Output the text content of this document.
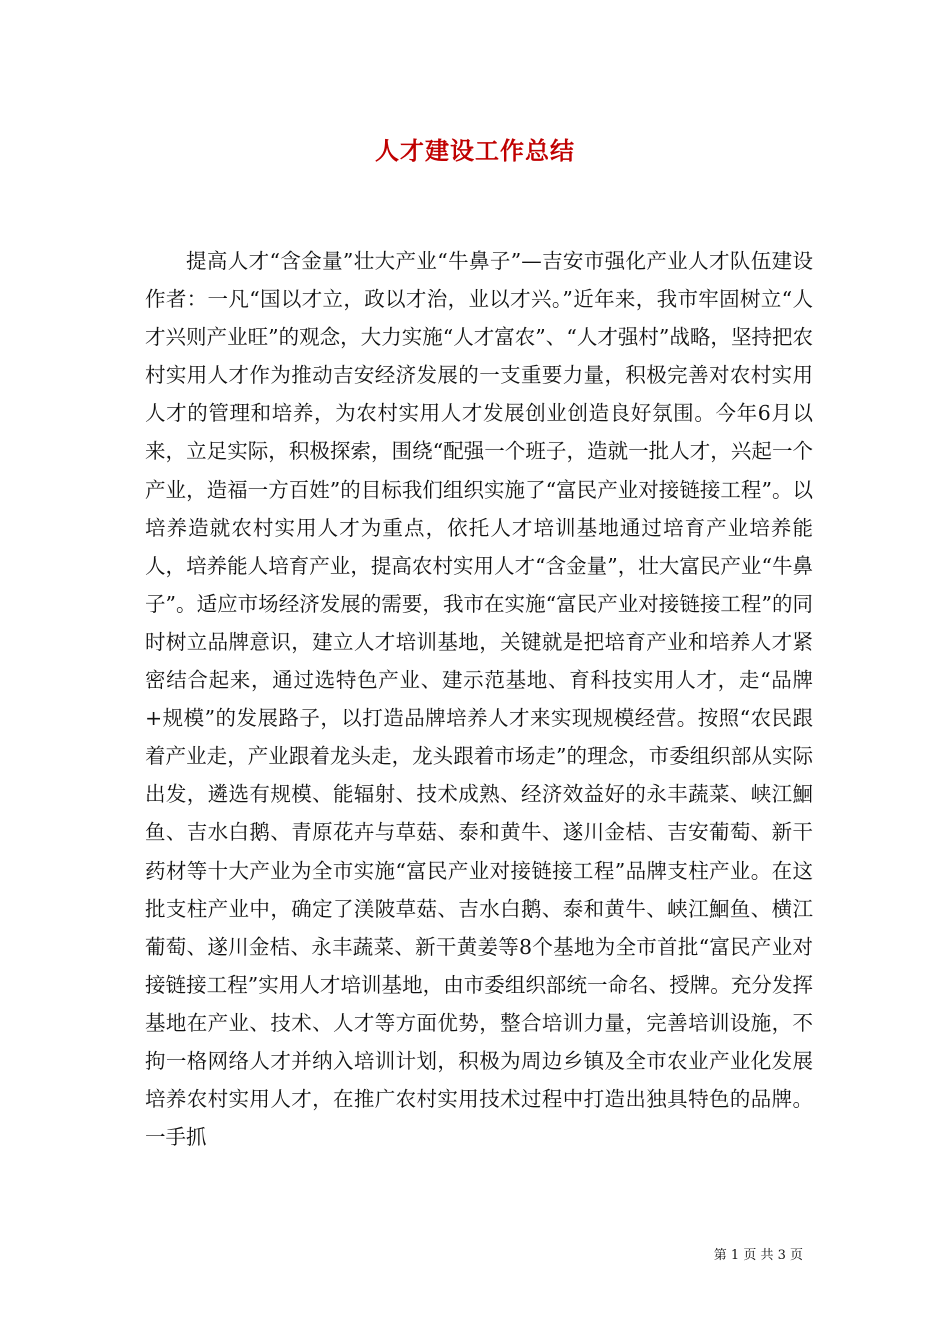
人才建设工作总结

提高人才“含金量”壮大产业“牛鼻子”—吉安市强化产业人才队伍建设作者：一凡“国以才立，政以才治，业以才兴。”近年来，我市牢固树立“人才兴则产业旺”的观念，大力实施“人才富农”、“人才强村”战略，坚持把农村实用人才作为推动吉安经济发展的一支重要力量，积极完善对农村实用人才的管理和培养，为农村实用人才发展创业创造良好氛围。今年6月以来，立足实际，积极探索，围绕“配强一个班子，造就一批人才，兴起一个产业，造福一方百姓”的目标我们组织实施了“富民产业对接链接工程”。以培养造就农村实用人才为重点，依托人才培训基地通过培育产业培养能人，培养能人培育产业，提高农村实用人才“含金量”，壮大富民产业“牛鼻子”。适应市场经济发展的需要，我市在实施“富民产业对接链接工程”的同时树立品牌意识，建立人才培训基地，关键就是把培育产业和培养人才紧密结合起来，通过选特色产业、建示范基地、育科技实用人才，走“品牌+规模”的发展路子，以打造品牌培养人才来实现规模经营。按照“农民跟着产业走，产业跟着龙头走，龙头跟着市场走”的理念，市委组织部从实际出发，遴选有规模、能辐射、技术成熟、经济效益好的永丰蔬菜、峡江鮰鱼、吉水白鹅、青原花卉与草菇、泰和黄牛、遂川金桔、吉安葡萄、新干药材等十大产业为全市实施“富民产业对接链接工程”品牌支柱产业。在这批支柱产业中，确定了渼陂草菇、吉水白鹅、泰和黄牛、峡江鮰鱼、横江葡萄、遂川金桔、永丰蔬菜、新干黄姜等8个基地为全市首批“富民产业对接链接工程”实用人才培训基地，由市委组织部统一命名、授牌。充分发挥基地在产业、技术、人才等方面优势，整合培训力量，完善培训设施，不拘一格网络人才并纳入培训计划，积极为周边乡镇及全市农业产业化发展培养农村实用人才，在推广农村实用技术过程中打造出独具特色的品牌。一手抓

第 1 页 共 3 页
